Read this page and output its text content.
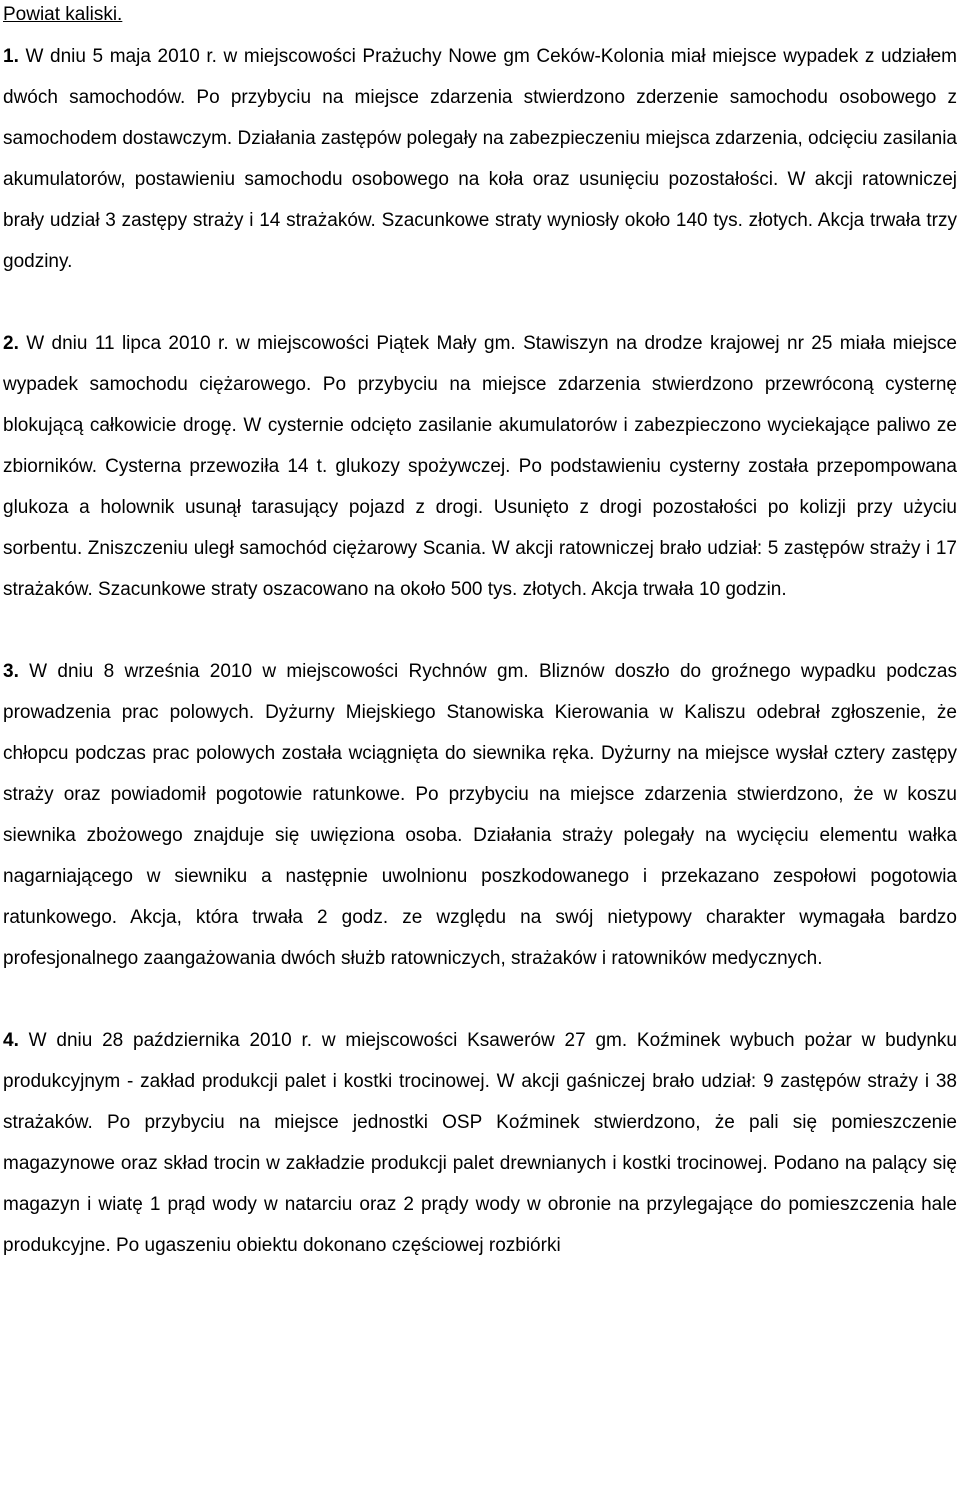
Powiat kaliski.

1. W dniu 5 maja 2010 r. w miejscowości Prażuchy Nowe gm Ceków-Kolonia miał miejsce wypadek z udziałem dwóch samochodów. Po przybyciu na miejsce zdarzenia stwierdzono zderzenie samochodu osobowego z samochodem dostawczym. Działania zastępów polegały na zabezpieczeniu miejsca zdarzenia, odcięciu zasilania akumulatorów, postawieniu samochodu osobowego na koła oraz usunięciu pozostałości. W akcji ratowniczej brały udział 3 zastępy straży i 14 strażaków. Szacunkowe straty wyniosły około 140 tys. złotych. Akcja trwała trzy godziny.

2. W dniu 11 lipca 2010 r. w miejscowości Piątek Mały gm. Stawiszyn na drodze krajowej nr 25 miała miejsce wypadek samochodu ciężarowego. Po przybyciu na miejsce zdarzenia stwierdzono przewróconą cysternę blokującą całkowicie drogę. W cysternie odcięto zasilanie akumulatorów i zabezpieczono wyciekające paliwo ze zbiorników. Cysterna przewoziła 14 t. glukozy spożywczej. Po podstawieniu cysterny została przepompowana glukoza a holownik usunął tarasujący pojazd z drogi. Usunięto z drogi pozostałości po kolizji przy użyciu sorbentu. Zniszczeniu uległ samochód ciężarowy Scania. W akcji ratowniczej brało udział: 5 zastępów straży i 17 strażaków. Szacunkowe straty oszacowano na około 500 tys. złotych. Akcja trwała 10 godzin.

3. W dniu 8 września 2010 w miejscowości Rychnów gm. Bliznów doszło do groźnego wypadku podczas prowadzenia prac polowych. Dyżurny Miejskiego Stanowiska Kierowania w Kaliszu odebrał zgłoszenie, że chłopcu podczas prac polowych została wciągnięta do siewnika ręka. Dyżurny na miejsce wysłał cztery zastępy straży oraz powiadomił pogotowie ratunkowe. Po przybyciu na miejsce zdarzenia stwierdzono, że w koszu siewnika zbożowego znajduje się uwięziona osoba. Działania straży polegały na wycięciu elementu wałka nagarniającego w siewniku a następnie uwolnionu poszkodowanego i przekazano zespołowi pogotowia ratunkowego. Akcja, która trwała 2 godz. ze względu na swój nietypowy charakter wymagała bardzo profesjonalnego zaangażowania dwóch służb ratowniczych, strażaków i ratowników medycznych.

4. W dniu 28 października 2010 r. w miejscowości Ksawerów 27 gm. Koźminek wybuch pożar w budynku produkcyjnym - zakład produkcji palet i kostki trocinowej. W akcji gaśniczej brało udział: 9 zastępów straży i 38 strażaków. Po przybyciu na miejsce jednostki OSP Koźminek stwierdzono, że pali się pomieszczenie magazynowe oraz skład trocin w zakładzie produkcji palet drewnianych i kostki trocinowej. Podano na palący się magazyn i wiatę 1 prąd wody w natarciu oraz 2 prądy wody w obronie na przylegające do pomieszczenia hale produkcyjne. Po ugaszeniu obiektu dokonano częściowej rozbiórki
